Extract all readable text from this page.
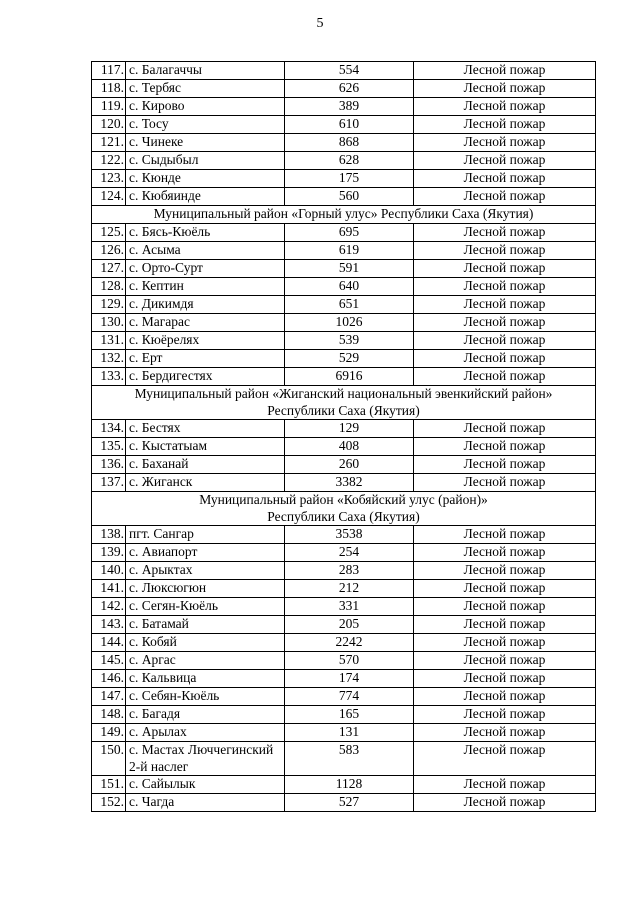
5
117.	с. Балагаччы	554	Лесной пожар
118.	с. Тербяс	626	Лесной пожар
119.	с. Кирово	389	Лесной пожар
120.	с. Тосу	610	Лесной пожар
121.	с. Чинеке	868	Лесной пожар
122.	с. Сыдыбыл	628	Лесной пожар
123.	с. Кюнде	175	Лесной пожар
124.	с. Кюбяинде	560	Лесной пожар

Муниципальный район «Горный улус» Республики Саха (Якутия)			

125.	с. Бясь-Кюёль	695	Лесной пожар
126.	с. Асыма	619	Лесной пожар
127.	с. Орто-Сурт	591	Лесной пожар
128.	с. Кептин	640	Лесной пожар
129.	с. Дикимдя	651	Лесной пожар
130.	с. Магарас	1026	Лесной пожар
131.	с. Кюёрелях	539	Лесной пожар
132.	с. Ерт	529	Лесной пожар
133.	с. Бердигестях	6916	Лесной пожар

Муниципальный район «Жиганский национальный эвенкийский район»
Республики Саха (Якутия)			

134.	с. Бестях	129	Лесной пожар
135.	с. Кыстатыам	408	Лесной пожар
136.	с. Баханай	260	Лесной пожар
137.	с. Жиганск	3382	Лесной пожар

Муниципальный район «Кобяйский улус (район)»
Республики Саха (Якутия)			

138.	пгт. Сангар	3538	Лесной пожар
139.	с. Авиапорт	254	Лесной пожар
140.	с. Арыктах	283	Лесной пожар
141.	с. Люксюгюн	212	Лесной пожар
142.	с. Сегян-Кюёль	331	Лесной пожар
143.	с. Батамай	205	Лесной пожар
144.	с. Кобяй	2242	Лесной пожар
145.	с. Аргас	570	Лесной пожар
146.	с. Кальвица	174	Лесной пожар
147.	с. Себян-Кюёль	774	Лесной пожар
148.	с. Багадя	165	Лесной пожар
149.	с. Арылах	131	Лесной пожар
150.	с. Мастах Люччегинский 2-й наслег	583	Лесной пожар
151.	с. Сайылык	1128	Лесной пожар
152.	с. Чагда	527	Лесной пожар
